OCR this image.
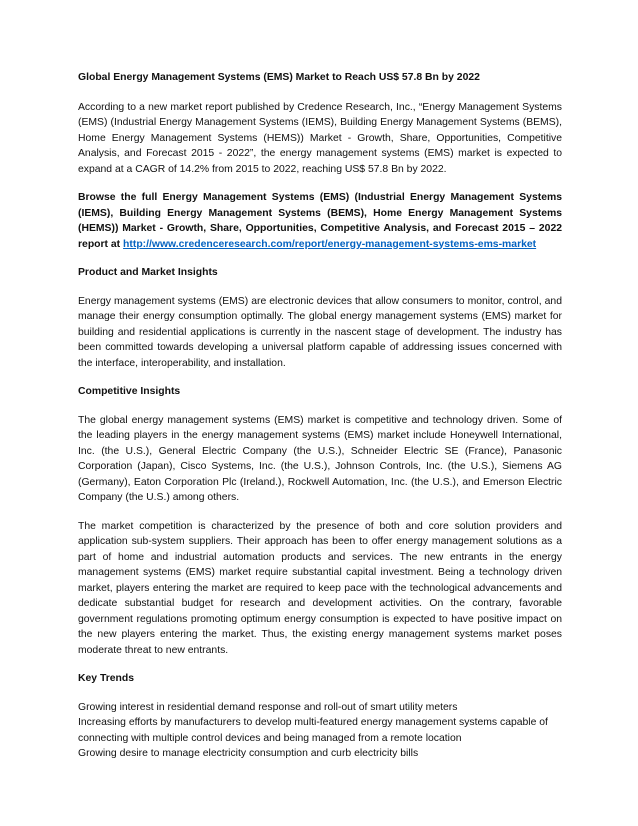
Global Energy Management Systems (EMS) Market to Reach US$ 57.8 Bn by 2022

According to a new market report published by Credence Research, Inc., “Energy Management Systems (EMS) (Industrial Energy Management Systems (IEMS), Building Energy Management Systems (BEMS), Home Energy Management Systems (HEMS)) Market - Growth, Share, Opportunities, Competitive Analysis, and Forecast 2015 - 2022”, the energy management systems (EMS) market is expected to expand at a CAGR of 14.2% from 2015 to 2022, reaching US$ 57.8 Bn by 2022.

Browse the full Energy Management Systems (EMS) (Industrial Energy Management Systems (IEMS), Building Energy Management Systems (BEMS), Home Energy Management Systems (HEMS)) Market - Growth, Share, Opportunities, Competitive Analysis, and Forecast 2015 – 2022 report at http://www.credenceresearch.com/report/energy-management-systems-ems-market

Product and Market Insights

Energy management systems (EMS) are electronic devices that allow consumers to monitor, control, and manage their energy consumption optimally. The global energy management systems (EMS) market for building and residential applications is currently in the nascent stage of development. The industry has been committed towards developing a universal platform capable of addressing issues concerned with the interface, interoperability, and installation.

Competitive Insights

The global energy management systems (EMS) market is competitive and technology driven. Some of the leading players in the energy management systems (EMS) market include Honeywell International, Inc. (the U.S.), General Electric Company (the U.S.), Schneider Electric SE (France), Panasonic Corporation (Japan), Cisco Systems, Inc. (the U.S.), Johnson Controls, Inc. (the U.S.), Siemens AG (Germany), Eaton Corporation Plc (Ireland.), Rockwell Automation, Inc. (the U.S.), and Emerson Electric Company (the U.S.) among others.

The market competition is characterized by the presence of both and core solution providers and application sub-system suppliers. Their approach has been to offer energy management solutions as a part of home and industrial automation products and services. The new entrants in the energy management systems (EMS) market require substantial capital investment. Being a technology driven market, players entering the market are required to keep pace with the technological advancements and dedicate substantial budget for research and development activities. On the contrary, favorable government regulations promoting optimum energy consumption is expected to have positive impact on the new players entering the market. Thus, the existing energy management systems market poses moderate threat to new entrants.

Key Trends

Growing interest in residential demand response and roll-out of smart utility meters

Increasing efforts by manufacturers to develop multi-featured energy management systems capable of connecting with multiple control devices and being managed from a remote location

Growing desire to manage electricity consumption and curb electricity bills
